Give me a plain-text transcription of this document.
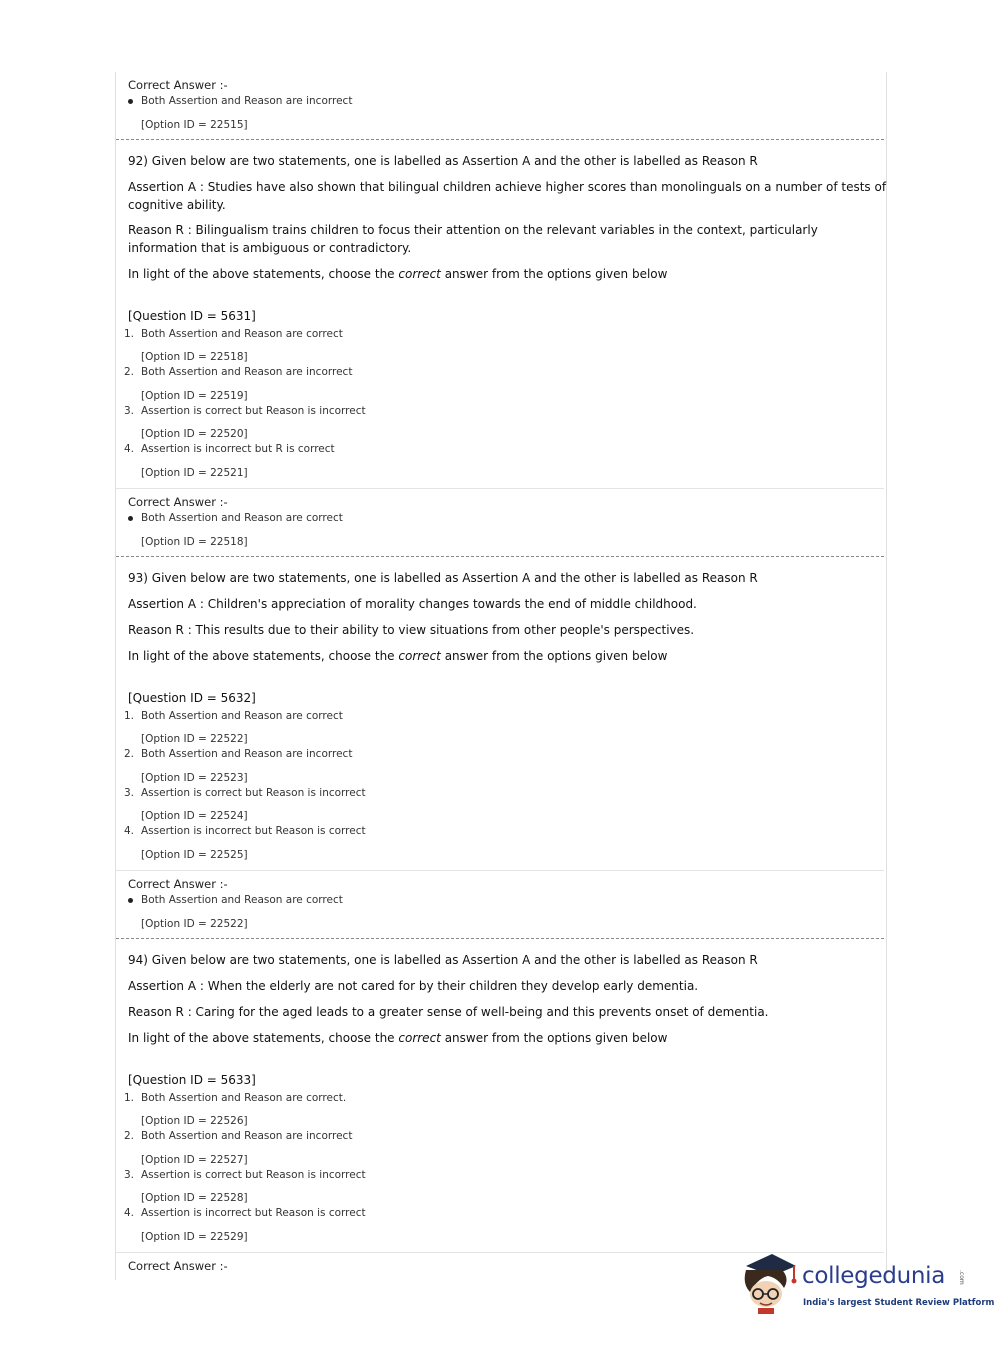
Correct Answer :-
Both Assertion and Reason are incorrect
[Option ID = 22515]
92) Given below are two statements, one is labelled as Assertion A and the other is labelled as Reason R
Assertion A : Studies have also shown that bilingual children achieve higher scores than monolinguals on a number of tests of
cognitive ability.
Reason R : Bilingualism trains children to focus their attention on the relevant variables in the context, particularly
information that is ambiguous or contradictory.
In light of the above statements, choose the correct answer from the options given below
[Question ID = 5631]
1. Both Assertion and Reason are correct
[Option ID = 22518]
2. Both Assertion and Reason are incorrect
[Option ID = 22519]
3. Assertion is correct but Reason is incorrect
[Option ID = 22520]
4. Assertion is incorrect but R is correct
[Option ID = 22521]
Correct Answer :-
Both Assertion and Reason are correct
[Option ID = 22518]
93) Given below are two statements, one is labelled as Assertion A and the other is labelled as Reason R
Assertion A : Children's appreciation of morality changes towards the end of middle childhood.
Reason R : This results due to their ability to view situations from other people's perspectives.
In light of the above statements, choose the correct answer from the options given below
[Question ID = 5632]
1. Both Assertion and Reason are correct
[Option ID = 22522]
2. Both Assertion and Reason are incorrect
[Option ID = 22523]
3. Assertion is correct but Reason is incorrect
[Option ID = 22524]
4. Assertion is incorrect but Reason is correct
[Option ID = 22525]
Correct Answer :-
Both Assertion and Reason are correct
[Option ID = 22522]
94) Given below are two statements, one is labelled as Assertion A and the other is labelled as Reason R
Assertion A : When the elderly are not cared for by their children they develop early dementia.
Reason R : Caring for the aged leads to a greater sense of well-being and this prevents onset of dementia.
In light of the above statements, choose the correct answer from the options given below
[Question ID = 5633]
1. Both Assertion and Reason are correct.
[Option ID = 22526]
2. Both Assertion and Reason are incorrect
[Option ID = 22527]
3. Assertion is correct but Reason is incorrect
[Option ID = 22528]
4. Assertion is incorrect but Reason is correct
[Option ID = 22529]
Correct Answer :-	collegedunia .com
India's largest Student Review Platform
